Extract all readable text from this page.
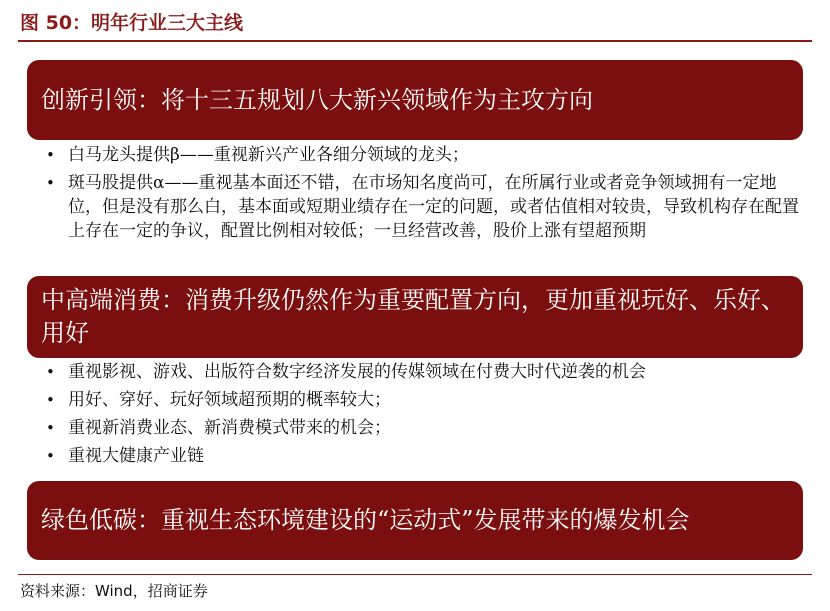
图 50：明年行业三大主线
创新引领：将十三五规划八大新兴领域作为主攻方向
• 白马龙头提供β——重视新兴产业各细分领域的龙头；
• 斑马股提供α——重视基本面还不错，在市场知名度尚可，在所属行业或者竞争领域拥有一定地位，但是没有那么白，基本面或短期业绩存在一定的问题，或者估值相对较贵，导致机构存在配置上存在一定的争议，配置比例相对较低；一旦经营改善，股价上涨有望超预期
中高端消费：消费升级仍然作为重要配置方向，更加重视玩好、乐好、用好
• 重视影视、游戏、出版符合数字经济发展的传媒领域在付费大时代逆袭的机会
• 用好、穿好、玩好领域超预期的概率较大；
• 重视新消费业态、新消费模式带来的机会；
• 重视大健康产业链
绿色低碳：重视生态环境建设的“运动式”发展带来的爆发机会
资料来源：Wind，招商证券
